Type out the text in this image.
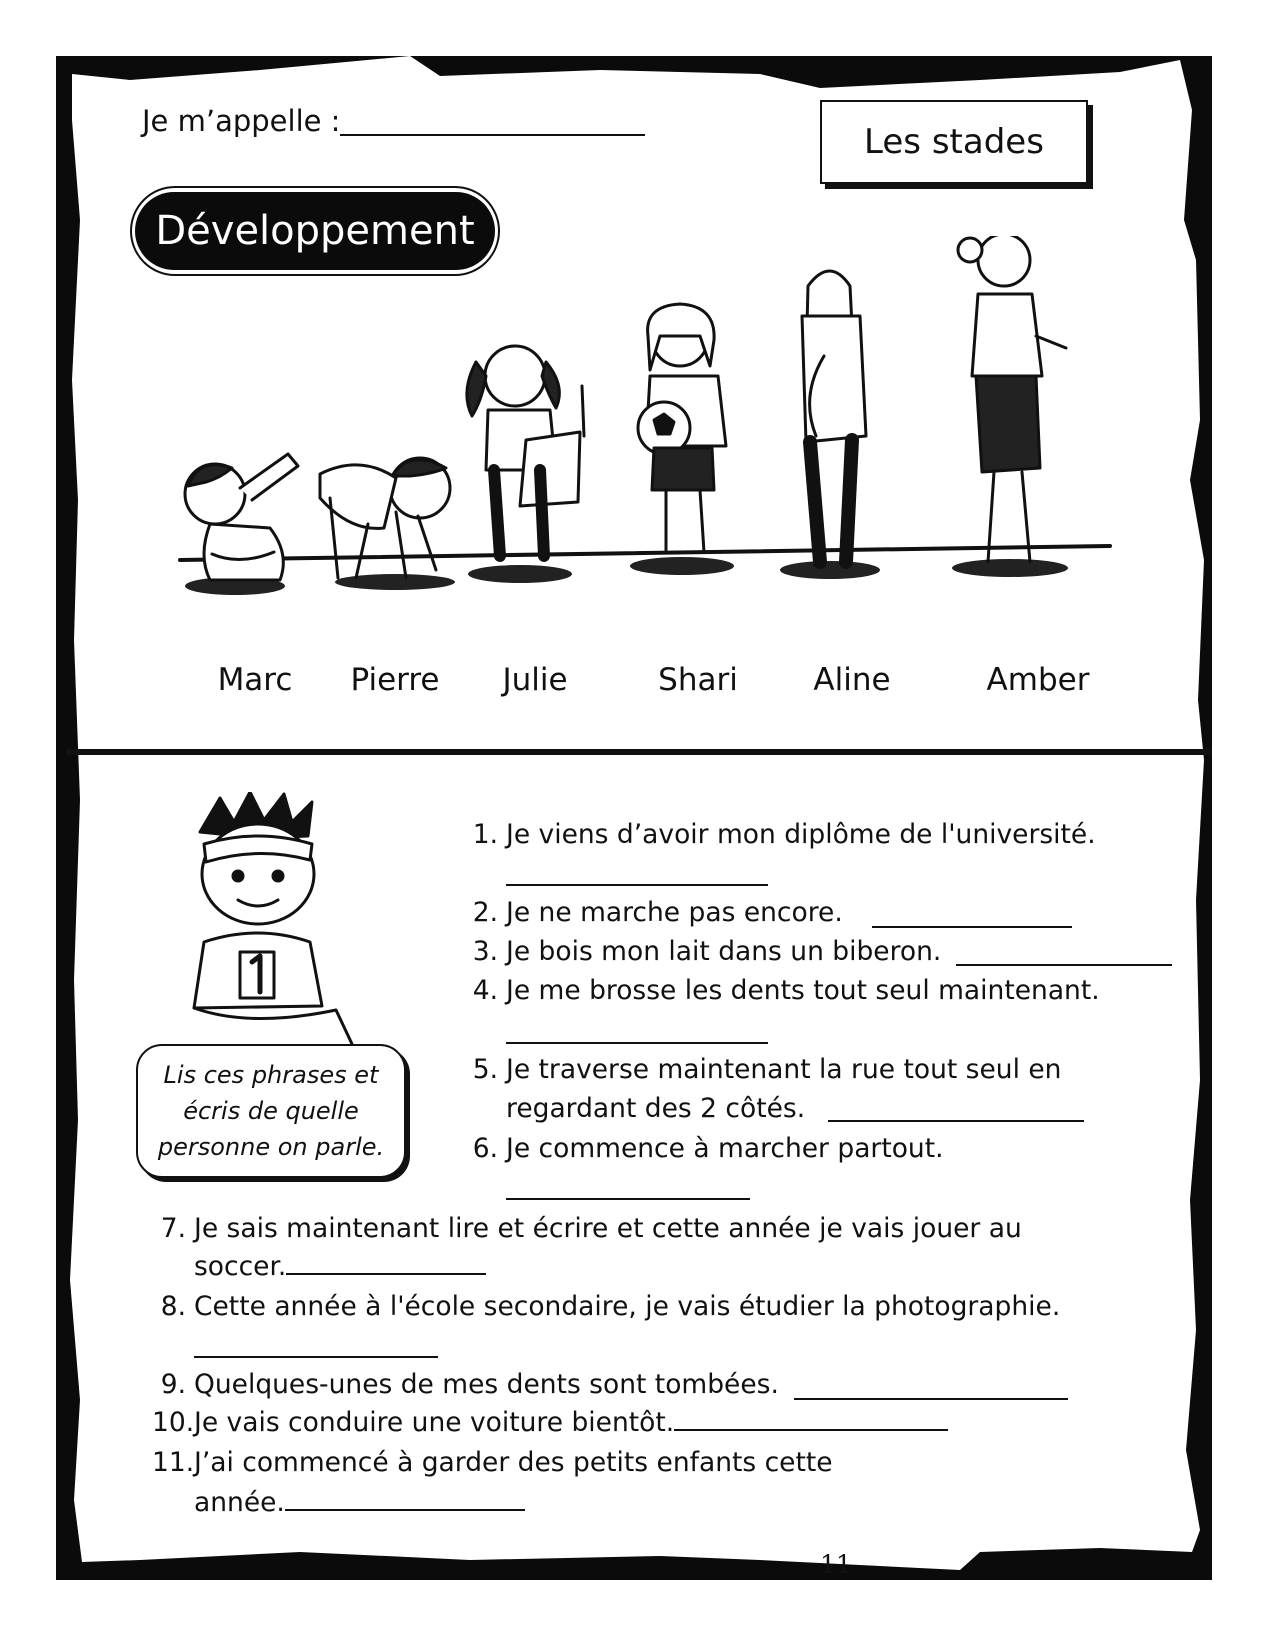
Je m’appelle :
Les stades
Développement
Marc	Pierre	Julie	Shari	Aline	Amber
Lis ces phrases et
écris de quelle
personne on parle.
1. Je viens d’avoir mon diplôme de l'université.
2. Je ne marche pas encore.
3. Je bois mon lait dans un biberon.
4. Je me brosse les dents tout seul maintenant.
5. Je traverse maintenant la rue tout seul en
regardant des 2 côtés.
6. Je commence à marcher partout.
7. Je sais maintenant lire et écrire et cette année je vais jouer au
soccer.
8. Cette année à l'école secondaire, je vais étudier la photographie.
9. Quelques-unes de mes dents sont tombées.
10.Je vais conduire une voiture bientôt.
11.J’ai commencé à garder des petits enfants cette
année.
11
